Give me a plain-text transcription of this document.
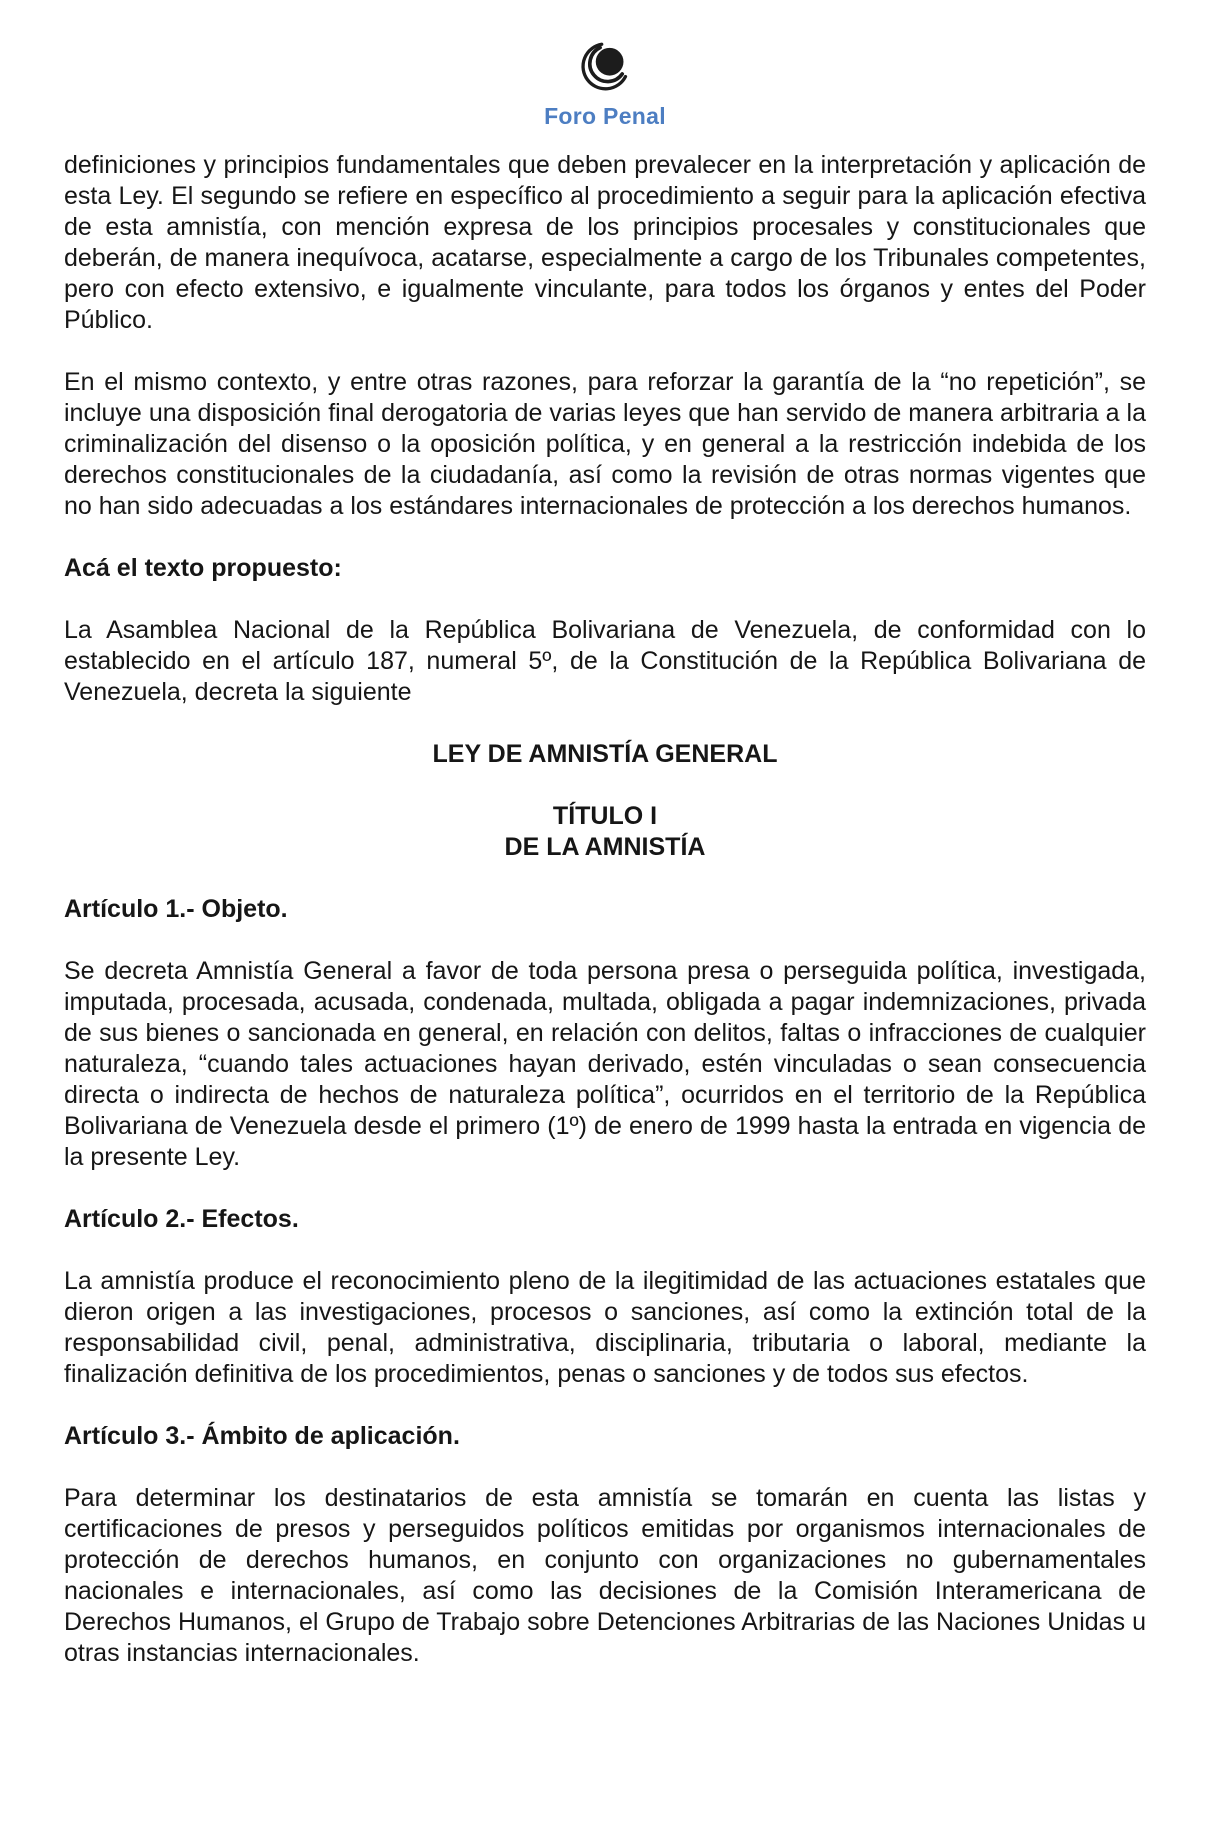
Foro Penal

definiciones y principios fundamentales que deben prevalecer en la interpretación y aplicación de esta Ley. El segundo se refiere en específico al procedimiento a seguir para la aplicación efectiva de esta amnistía, con mención expresa de los principios procesales y constitucionales que deberán, de manera inequívoca, acatarse, especialmente a cargo de los Tribunales competentes, pero con efecto extensivo, e igualmente vinculante, para todos los órganos y entes del Poder Público.

En el mismo contexto, y entre otras razones, para reforzar la garantía de la “no repetición”, se incluye una disposición final derogatoria de varias leyes que han servido de manera arbitraria a la criminalización del disenso o la oposición política, y en general a la restricción indebida de los derechos constitucionales de la ciudadanía, así como la revisión de otras normas vigentes que no han sido adecuadas a los estándares internacionales de protección a los derechos humanos.

Acá el texto propuesto:

La Asamblea Nacional de la República Bolivariana de Venezuela, de conformidad con lo establecido en el artículo 187, numeral 5º, de la Constitución de la República Bolivariana de Venezuela, decreta la siguiente

LEY DE AMNISTÍA GENERAL
TÍTULO I
DE LA AMNISTÍA
Artículo 1.- Objeto.

Se decreta Amnistía General a favor de toda persona presa o perseguida política, investigada, imputada, procesada, acusada, condenada, multada, obligada a pagar indemnizaciones, privada de sus bienes o sancionada en general, en relación con delitos, faltas o infracciones de cualquier naturaleza, “cuando tales actuaciones hayan derivado, estén vinculadas o sean consecuencia directa o indirecta de hechos de naturaleza política”, ocurridos en el territorio de la República Bolivariana de Venezuela desde el primero (1º) de enero de 1999 hasta la entrada en vigencia de la presente Ley.

Artículo 2.- Efectos.

La amnistía produce el reconocimiento pleno de la ilegitimidad de las actuaciones estatales que dieron origen a las investigaciones, procesos o sanciones, así como la extinción total de la responsabilidad civil, penal, administrativa, disciplinaria, tributaria o laboral, mediante la finalización definitiva de los procedimientos, penas o sanciones y de todos sus efectos.

Artículo 3.- Ámbito de aplicación.

Para determinar los destinatarios de esta amnistía se tomarán en cuenta las listas y certificaciones de presos y perseguidos políticos emitidas por organismos internacionales de protección de derechos humanos, en conjunto con organizaciones no gubernamentales nacionales e internacionales, así como las decisiones de la Comisión Interamericana de Derechos Humanos, el Grupo de Trabajo sobre Detenciones Arbitrarias de las Naciones Unidas u otras instancias internacionales.
